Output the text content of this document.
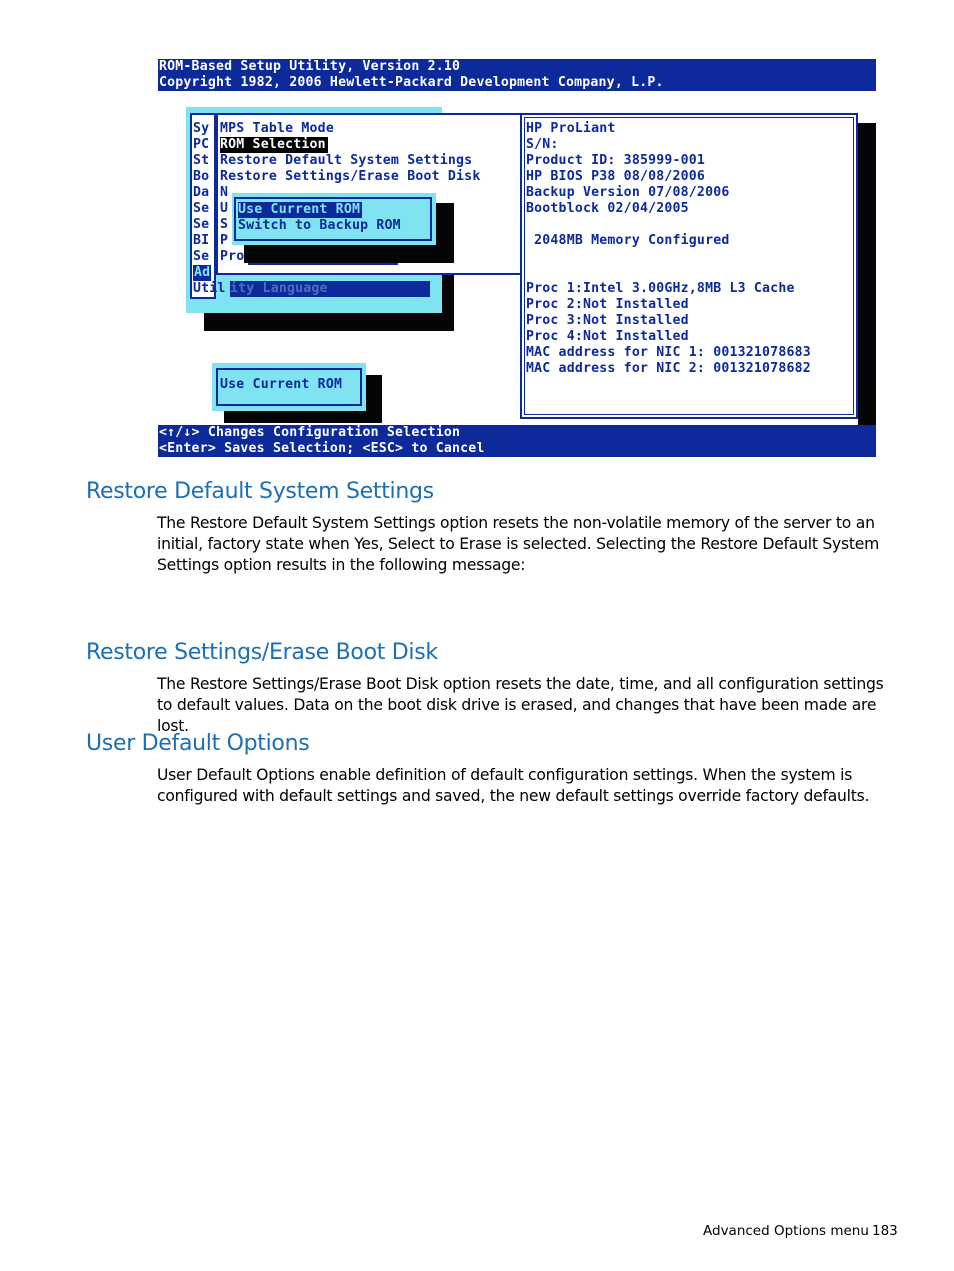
ROM-Based Setup Utility, Version 2.10
Copyright 1982, 2006 Hewlett-Packard Development Company, L.P.
Sy
PC
St
Bo
Da
Se
Se
BI
Se
Ad
Util ity Language
MPS Table Mode
ROM Selection
Restore Default System Settings
Restore Settings/Erase Boot Disk
N
U
S
P
Pro
Use Current ROM
Switch to Backup ROM
Use Current ROM
HP ProLiant
S/N:
Product ID: 385999-001
HP BIOS P38 08/08/2006
Backup Version 07/08/2006
Bootblock 02/04/2005
2048MB Memory Configured
Proc 1:Intel 3.00GHz,8MB L3 Cache
Proc 2:Not Installed
Proc 3:Not Installed
Proc 4:Not Installed
MAC address for NIC 1: 001321078683
MAC address for NIC 2: 001321078682
<↑/↓> Changes Configuration Selection
<Enter> Saves Selection; <ESC> to Cancel
Restore Default System Settings

The Restore Default System Settings option resets the non-volatile memory of the server to an initial, factory state when Yes, Select to Erase is selected. Selecting the Restore Default System Settings option results in the following message:

Restore Settings/Erase Boot Disk

The Restore Settings/Erase Boot Disk option resets the date, time, and all configuration settings to default values. Data on the boot disk drive is erased, and changes that have been made are lost.

User Default Options

User Default Options enable definition of default configuration settings. When the system is configured with default settings and saved, the new default settings override factory defaults.

Advanced Options menu 183
